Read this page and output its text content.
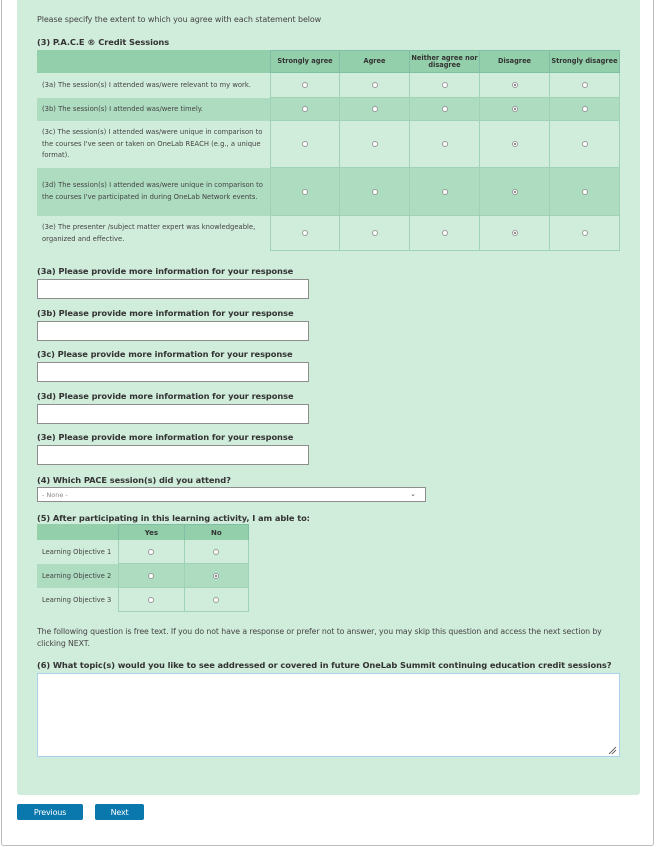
Please specify the extent to which you agree with each statement below
(3) P.A.C.E ® Credit Sessions
Strongly agree	Agree	Neither agree nor disagree	Disagree	Strongly disagree
(3a) The session(s) I attended was/were relevant to my work.
(3b) The session(s) I attended was/were timely.
(3c) The session(s) I attended was/were unique in comparison to the courses I've seen or taken on OneLab REACH (e.g., a unique format).
(3d) The session(s) I attended was/were unique in comparison to the courses I've participated in during OneLab Network events.
(3e) The presenter /subject matter expert was knowledgeable, organized and effective.
(3a) Please provide more information for your response
(3b) Please provide more information for your response
(3c) Please provide more information for your response
(3d) Please provide more information for your response
(3e) Please provide more information for your response
(4) Which PACE session(s) did you attend?
- None -	⌄
(5) After participating in this learning activity, I am able to:
Yes	No
Learning Objective 1
Learning Objective 2
Learning Objective 3
The following question is free text. If you do not have a response or prefer not to answer, you may skip this question and access the next section by clicking NEXT.
(6) What topic(s) would you like to see addressed or covered in future OneLab Summit continuing education credit sessions?
Previous	Next
